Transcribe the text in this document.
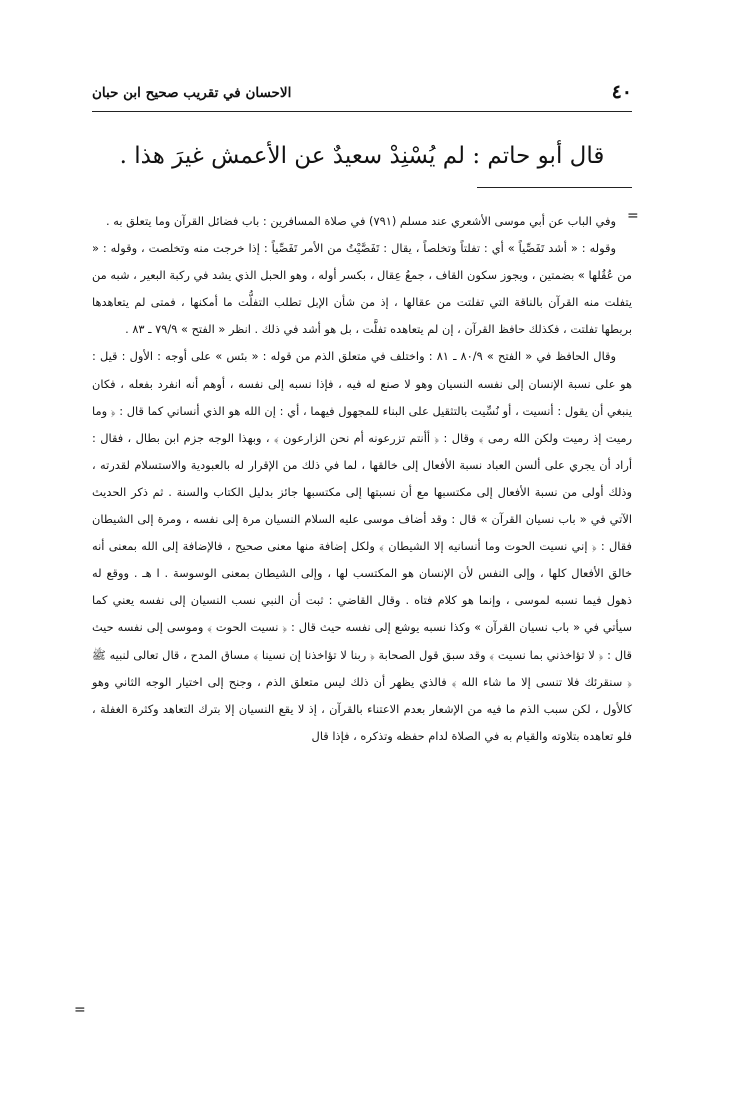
٤٠
الاحسان في تقريب صحيح ابن حبان
قال أبو حاتم : لم يُسْنِدْ سعيدٌ عن الأعمش غيرَ هذا .
=
=

وفي الباب عن أبي موسى الأشعري عند مسلم (٧٩١) في صلاة المسافرين : باب فضائل القرآن وما يتعلق به .

وقوله : « أشد تَفَصِّياً » أي : تفلتاً وتخلصاً ، يقال : تَفَصَّيْتُ من الأمر تَفَصِّياً : إذا خرجت منه وتخلصت ، وقوله : « من عُقُلها » بضمتين ، ويجوز سكون القاف ، جمعُ عِقال ، بكسر أوله ، وهو الحبل الذي يشد في ركبة البعير ، شبه من يتفلت منه القرآن بالناقة التي تفلتت من عقالها ، إذ من شأن الإبل تطلب التفلُّت ما أمكنها ، فمتى لم يتعاهدها بربطها تفلتت ، فكذلك حافظ القرآن ، إن لم يتعاهده تفلَّت ، بل هو أشد في ذلك . انظر « الفتح » ٧٩/٩ ـ ٨٣ .

وقال الحافظ في « الفتح » ٨٠/٩ ـ ٨١ : واختلف في متعلق الذم من قوله : « بئس » على أوجه : الأول : قيل : هو على نسبة الإنسان إلى نفسه النسيان وهو لا صنع له فيه ، فإذا نسبه إلى نفسه ، أوهم أنه انفرد بفعله ، فكان ينبغي أن يقول : أنسيت ، أو نُسِّيت بالتثقيل على البناء للمجهول فيهما ، أي : إن الله هو الذي أنساني كما قال : ﴿ وما رميت إذ رميت ولكن الله رمى ﴾ وقال : ﴿ أأنتم تزرعونه أم نحن الزارعون ﴾ ، وبهذا الوجه جزم ابن بطال ، فقال : أراد أن يجري على ألسن العباد نسبة الأفعال إلى خالقها ، لما في ذلك من الإقرار له بالعبودية والاستسلام لقدرته ، وذلك أولى من نسبة الأفعال إلى مكتسبها مع أن نسبتها إلى مكتسبها جائز بدليل الكتاب والسنة . ثم ذكر الحديث الآتي في « باب نسيان القرآن » قال : وقد أضاف موسى عليه السلام النسيان مرة إلى نفسه ، ومرة إلى الشيطان فقال : ﴿ إني نسيت الحوت وما أنسانيه إلا الشيطان ﴾ ولكل إضافة منها معنى صحيح ، فالإضافة إلى الله بمعنى أنه خالق الأفعال كلها ، وإلى النفس لأن الإنسان هو المكتسب لها ، وإلى الشيطان بمعنى الوسوسة . ا هـ . ووقع له ذهول فيما نسبه لموسى ، وإنما هو كلام فتاه . وقال القاضي : ثبت أن النبي نسب النسيان إلى نفسه يعني كما سيأتي في « باب نسيان القرآن » وكذا نسبه يوشع إلى نفسه حيث قال : ﴿ نسيت الحوت ﴾ وموسى إلى نفسه حيث قال : ﴿ لا تؤاخذني بما نسيت ﴾ وقد سبق قول الصحابة ﴿ ربنا لا تؤاخذنا إن نسينا ﴾ مساق المدح ، قال تعالى لنبيه ﷺ ﴿ سنقرئك فلا تنسى إلا ما شاء الله ﴾ فالذي يظهر أن ذلك ليس متعلق الذم ، وجنح إلى اختيار الوجه الثاني وهو كالأول ، لكن سبب الذم ما فيه من الإشعار بعدم الاعتناء بالقرآن ، إذ لا يقع النسيان إلا بترك التعاهد وكثرة الغفلة ، فلو تعاهده بتلاوته والقيام به في الصلاة لدام حفظه وتذكره ، فإذا قال
